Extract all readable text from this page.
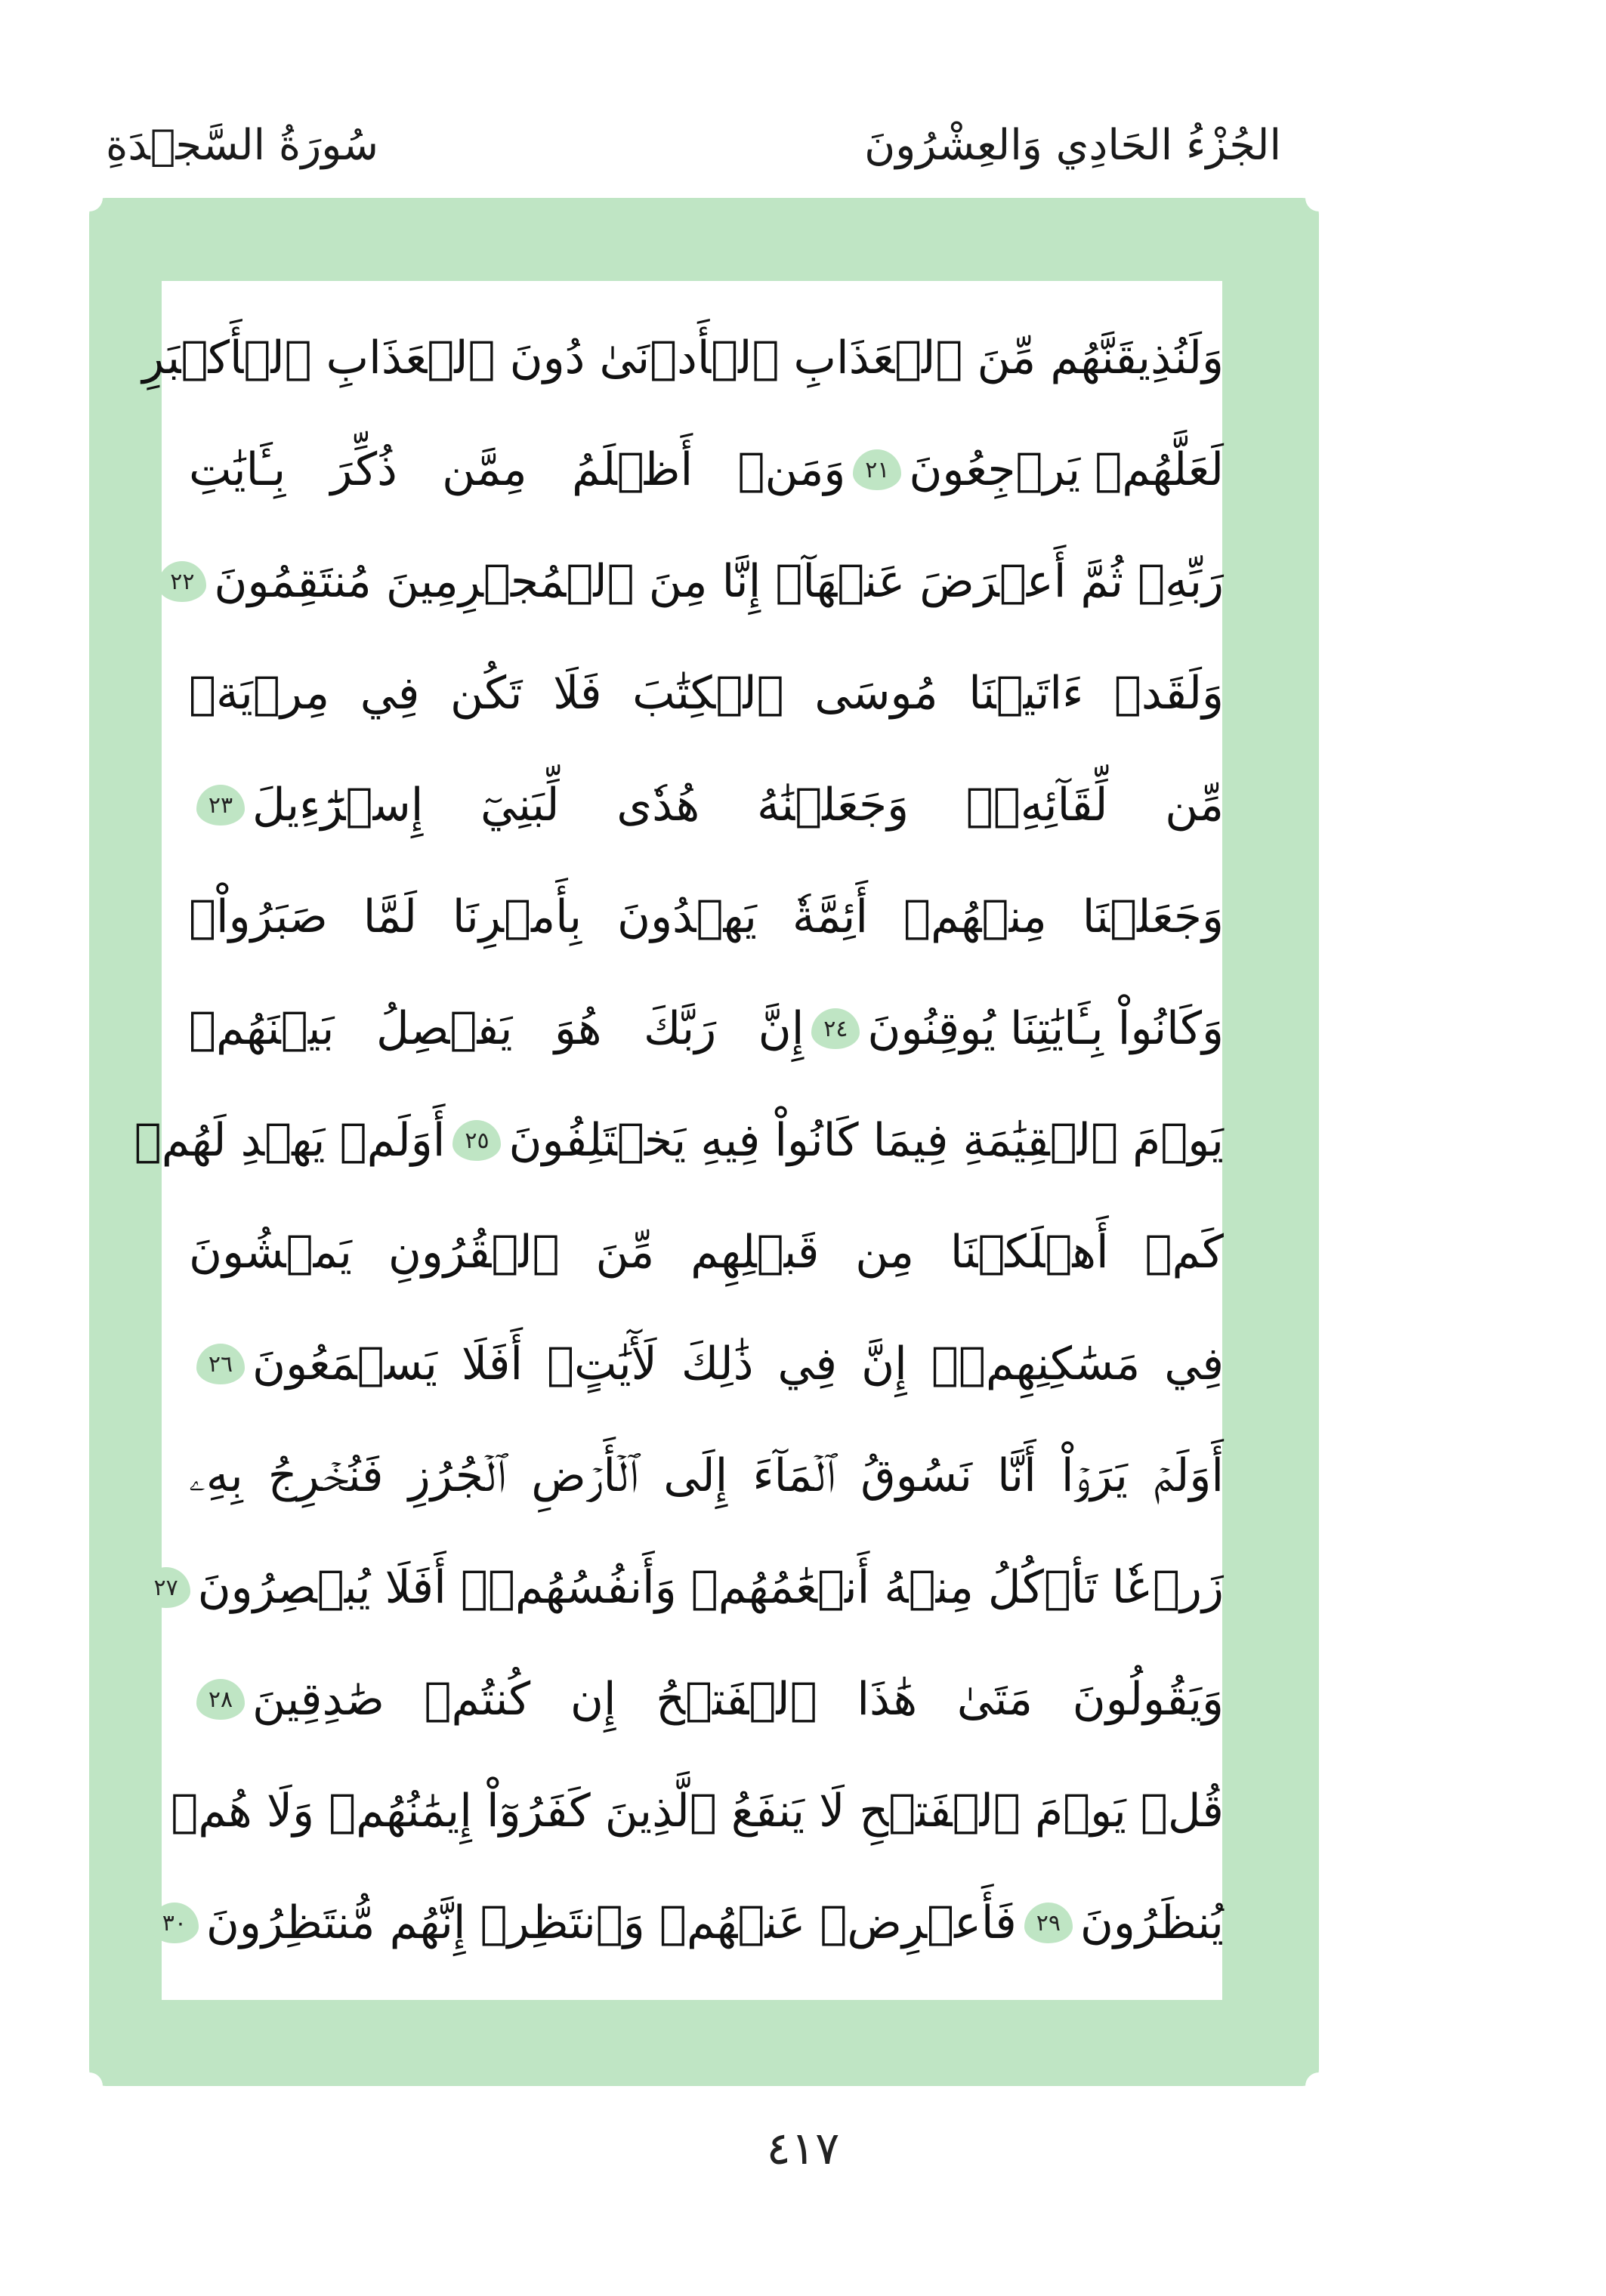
الجُزْءُ الحَادِي وَالعِشْرُونَ
سُورَةُ السَّجۡدَةِ
وَلَنُذِيقَنَّهُم مِّنَ ٱلۡعَذَابِ ٱلۡأَدۡنَىٰ دُونَ ٱلۡعَذَابِ ٱلۡأَكۡبَرِ
لَعَلَّهُمۡ يَرۡجِعُونَ
٢١
وَمَنۡ أَظۡلَمُ مِمَّن ذُكِّرَ بِـَٔايَٰتِ
رَبِّهِۦ ثُمَّ أَعۡرَضَ عَنۡهَآۚ إِنَّا مِنَ ٱلۡمُجۡرِمِينَ مُنتَقِمُونَ
٢٢
وَلَقَدۡ ءَاتَيۡنَا مُوسَى ٱلۡكِتَٰبَ فَلَا تَكُن فِي مِرۡيَةٖ
مِّن لِّقَآئِهِۦۖ وَجَعَلۡنَٰهُ هُدٗى لِّبَنِيٓ إِسۡرَٰٓءِيلَ
٢٣
وَجَعَلۡنَا مِنۡهُمۡ أَئِمَّةٗ يَهۡدُونَ بِأَمۡرِنَا لَمَّا صَبَرُواْۖ
وَكَانُواْ بِـَٔايَٰتِنَا يُوقِنُونَ
٢٤
إِنَّ رَبَّكَ هُوَ يَفۡصِلُ بَيۡنَهُمۡ
يَوۡمَ ٱلۡقِيَٰمَةِ فِيمَا كَانُواْ فِيهِ يَخۡتَلِفُونَ
٢٥
أَوَلَمۡ يَهۡدِ لَهُمۡ
كَمۡ أَهۡلَكۡنَا مِن قَبۡلِهِم مِّنَ ٱلۡقُرُونِ يَمۡشُونَ
فِي مَسَٰكِنِهِمۡۚ إِنَّ فِي ذَٰلِكَ لَأٓيَٰتٍۚ أَفَلَا يَسۡمَعُونَ
٢٦
أَوَلَمۡ يَرَوۡاْ أَنَّا نَسُوقُ ٱلۡمَآءَ إِلَى ٱلۡأَرۡضِ ٱلۡجُرُزِ فَنُخۡرِجُ بِهِۦ
زَرۡعٗا تَأۡكُلُ مِنۡهُ أَنۡعَٰمُهُمۡ وَأَنفُسُهُمۡۚ أَفَلَا يُبۡصِرُونَ
٢٧
وَيَقُولُونَ مَتَىٰ هَٰذَا ٱلۡفَتۡحُ إِن كُنتُمۡ صَٰدِقِينَ
٢٨
قُلۡ يَوۡمَ ٱلۡفَتۡحِ لَا يَنفَعُ ٱلَّذِينَ كَفَرُوٓاْ إِيمَٰنُهُمۡ وَلَا هُمۡ
يُنظَرُونَ
٢٩
فَأَعۡرِضۡ عَنۡهُمۡ وَٱنتَظِرۡ إِنَّهُم مُّنتَظِرُونَ
٣٠
٤١٧
